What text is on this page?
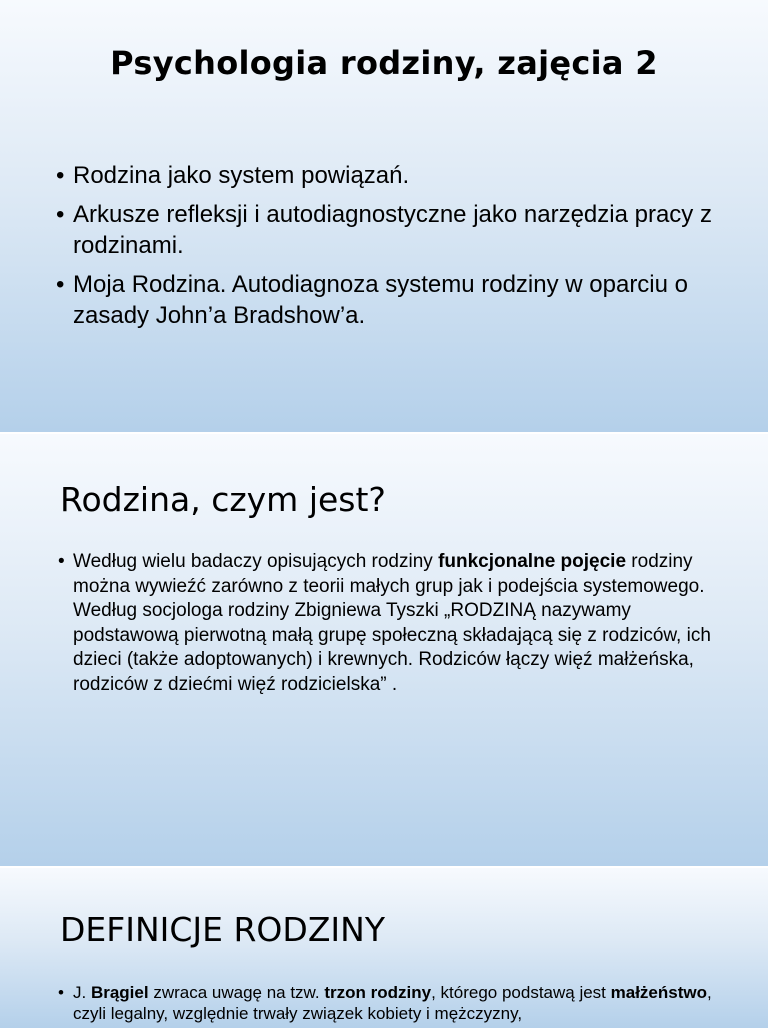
Psychologia rodziny, zajęcia 2
• Rodzina jako system powiązań.
• Arkusze refleksji i autodiagnostyczne jako narzędzia pracy z rodzinami.
• Moja Rodzina. Autodiagnoza systemu rodziny w oparciu o zasady John’a Bradshow’a.
Rodzina, czym jest?
• Według wielu badaczy opisujących rodziny funkcjonalne pojęcie rodziny można wywieźć zarówno z teorii małych grup jak i podejścia systemowego. Według socjologa rodziny Zbigniewa Tyszki „RODZINĄ nazywamy podstawową pierwotną małą grupę społeczną składającą się z rodziców, ich dzieci (także adoptowanych) i krewnych. Rodziców łączy więź małżeńska, rodziców z dziećmi więź rodzicielska” .
DEFINICJE RODZINY
• J. Brągiel zwraca uwagę na tzw. trzon rodziny, którego podstawą jest małżeństwo, czyli legalny, względnie trwały związek kobiety i mężczyzny,
